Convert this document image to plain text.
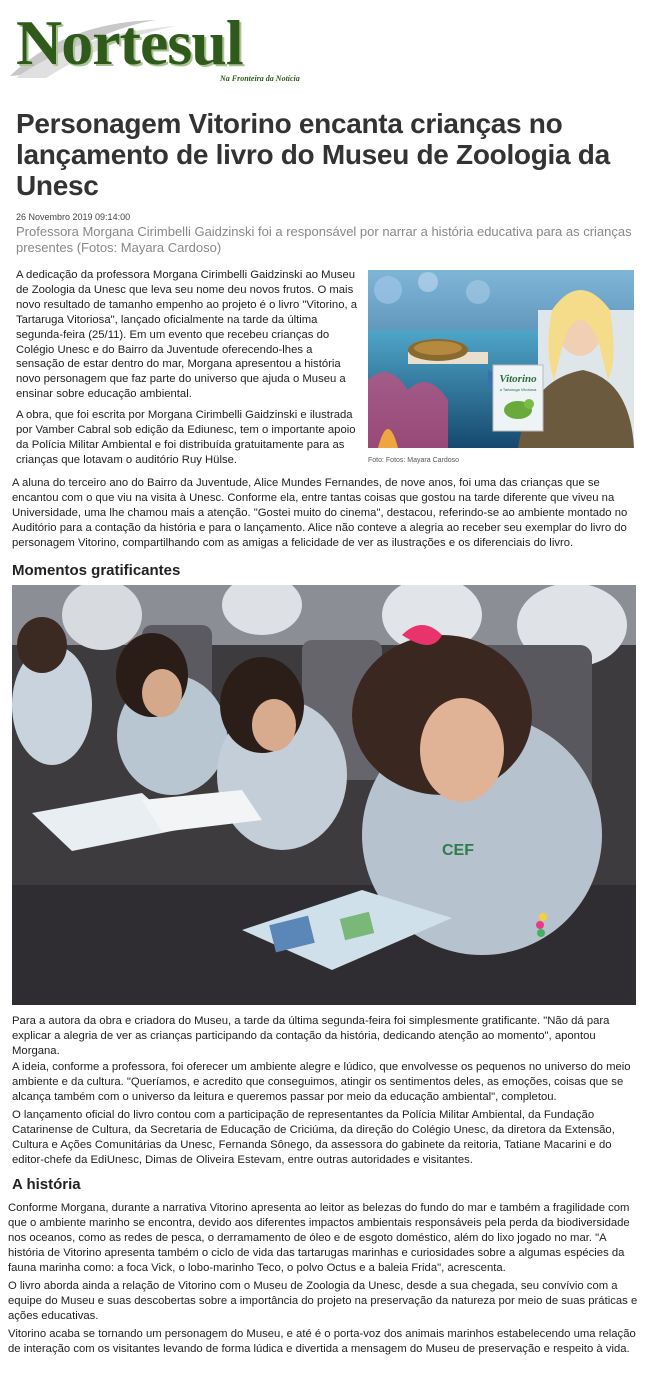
Nortesul
Na Fronteira da Notícia
Personagem Vitorino encanta crianças no lançamento de livro do Museu de Zoologia da Unesc
26 Novembro 2019 09:14:00
Professora Morgana Cirimbelli Gaidzinski foi a responsável por narrar a história educativa para as crianças presentes (Fotos: Mayara Cardoso)

A dedicação da professora Morgana Cirimbelli Gaidzinski ao Museu de Zoologia da Unesc que leva seu nome deu novos frutos. O mais novo resultado de tamanho empenho ao projeto é o livro "Vitorino, a Tartaruga Vitoriosa", lançado oficialmente na tarde da última segunda-feira (25/11). Em um evento que recebeu crianças do Colégio Unesc e do Bairro da Juventude oferecendo-lhes a sensação de estar dentro do mar, Morgana apresentou a história novo personagem que faz parte do universo que ajuda o Museu a ensinar sobre educação ambiental.

A obra, que foi escrita por Morgana Cirimbelli Gaidzinski e ilustrada por Vamber Cabral sob edição da Ediunesc, tem o importante apoio da Polícia Militar Ambiental e foi distribuída gratuitamente para as crianças que lotavam o auditório Ruy Hülse.

Vitorino
a Tartaruga Vitoriosa
Foto: Fotos: Mayara Cardoso

A aluna do terceiro ano do Bairro da Juventude, Alice Mundes Fernandes, de nove anos, foi uma das crianças que se encantou com o que viu na visita à Unesc. Conforme ela, entre tantas coisas que gostou na tarde diferente que viveu na Universidade, uma lhe chamou mais a atenção. "Gostei muito do cinema", destacou, referindo-se ao ambiente montado no Auditório para a contação da história e para o lançamento. Alice não conteve a alegria ao receber seu exemplar do livro do personagem Vitorino, compartilhando com as amigas a felicidade de ver as ilustrações e os diferenciais do livro.

Momentos gratificantes
CEF

Para a autora da obra e criadora do Museu, a tarde da última segunda-feira foi simplesmente gratificante. "Não dá para explicar a alegria de ver as crianças participando da contação da história, dedicando atenção ao momento", apontou Morgana.

A ideia, conforme a professora, foi oferecer um ambiente alegre e lúdico, que envolvesse os pequenos no universo do meio ambiente e da cultura. "Queríamos, e acredito que conseguimos, atingir os sentimentos deles, as emoções, coisas que se alcança também com o universo da leitura e queremos passar por meio da educação ambiental", completou.

O lançamento oficial do livro contou com a participação de representantes da Polícia Militar Ambiental, da Fundação Catarinense de Cultura, da Secretaria de Educação de Criciúma, da direção do Colégio Unesc, da diretora da Extensão, Cultura e Ações Comunitárias da Unesc, Fernanda Sônego, da assessora do gabinete da reitoria, Tatiane Macarini e do editor-chefe da EdiUnesc, Dimas de Oliveira Estevam, entre outras autoridades e visitantes.

A história

Conforme Morgana, durante a narrativa Vitorino apresenta ao leitor as belezas do fundo do mar e também a fragilidade com que o ambiente marinho se encontra, devido aos diferentes impactos ambientais responsáveis pela perda da biodiversidade nos oceanos, como as redes de pesca, o derramamento de óleo e de esgoto doméstico, além do lixo jogado no mar. "A história de Vitorino apresenta também o ciclo de vida das tartarugas marinhas e curiosidades sobre a algumas espécies da fauna marinha como: a foca Vick, o lobo-marinho Teco, o polvo Octus e a baleia Frida", acrescenta.

O livro aborda ainda a relação de Vitorino com o Museu de Zoologia da Unesc, desde a sua chegada, seu convívio com a equipe do Museu e suas descobertas sobre a importância do projeto na preservação da natureza por meio de suas práticas e ações educativas.

Vitorino acaba se tornando um personagem do Museu, e até é o porta-voz dos animais marinhos estabelecendo uma relação de interação com os visitantes levando de forma lúdica e divertida a mensagem do Museu de preservação e respeito à vida.
